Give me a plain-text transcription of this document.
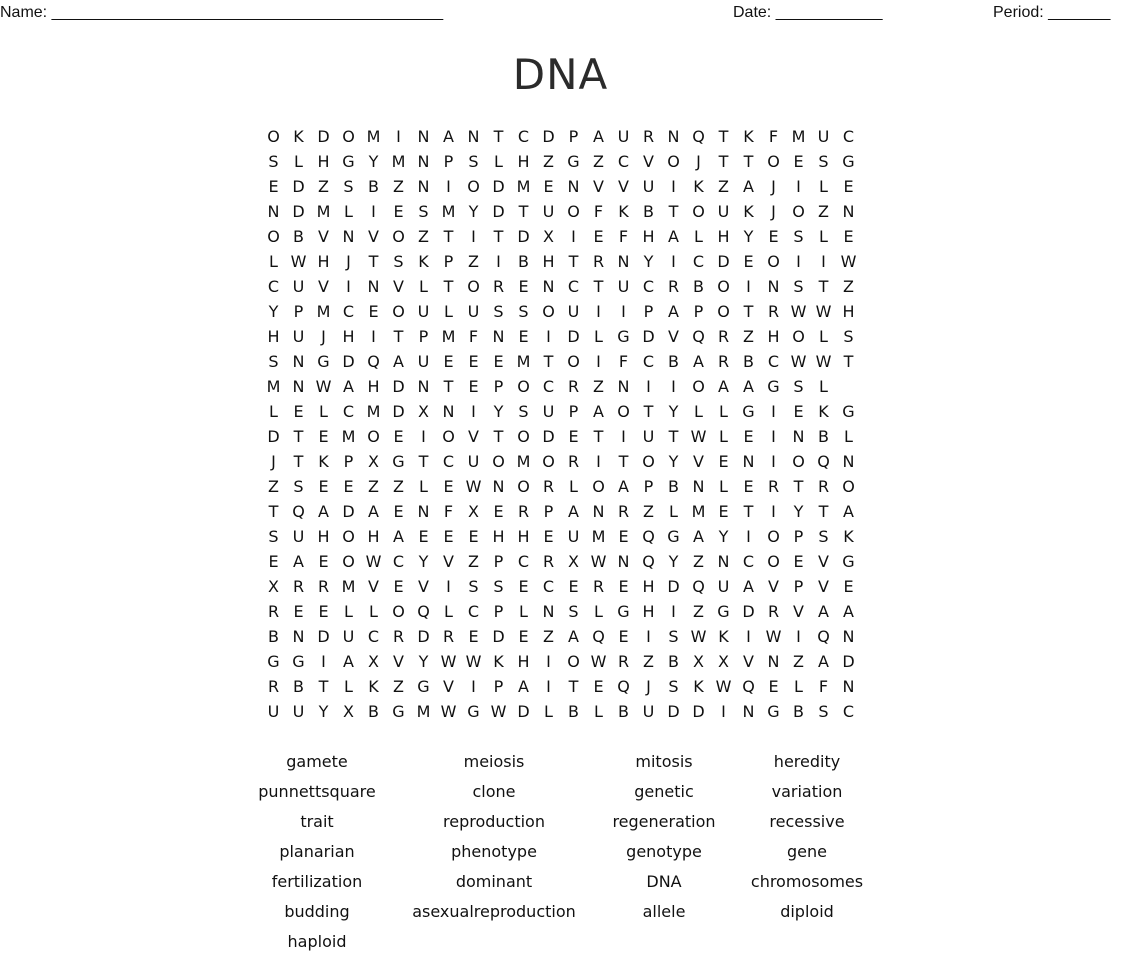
Name: ____________________________________________	Date: ____________	Period: _______
DNA
O K D O M I	N A N T C D P A U R N Q T K F M U C
S L H G Y M N P S L H Z G Z C V O	J	T T O E S G
E D Z S B Z N	I	O D M E N V V U	I	K Z A	J	I	L E
N D M L	I	E S M Y D T U O F K B T O U K	J	O Z N
O B V N V O Z T	I	T D X	I	E F H A L H Y E S L E
L W H	J	T S K P Z	I	B H T R N Y	I	C D E O	I	I W
C U V	I	N V L T O R E N C T U C R B O	I	N S T Z
Y P M C E O U L U S S O U	I	I	P A P O T R W W H
H U	J	H	I	T P M F N E	I	D L G D V Q R Z H O L S
S N G D Q A U E E E M T O	I	F C B A R B C W W T
M N W A H D N T E P O C R Z N	I	I	O A A G S L
L E L C M D X N	I	Y S U P A O T Y L	L G	I	E K G
D T E M O E	I	O V T O D E T	I	U T W L E	I	N B L
J	T K P X G T C U O M O R	I	T O Y V E N	I	O Q N
Z S E E Z Z L E W N O R L O A P B N L E R T R O
T Q A D A E N F X E R P A N R Z L M E T	I	Y T A
S U H O H A E E E H H E U M E Q G A Y	I	O P S K
E A E O W C Y V Z P C R X W N Q Y Z N C O E V G
X R R M V E V	I	S S E C E R E H D Q U A V P V E
R E E L	L O Q L C P L N S L G H	I	Z G D R V A A
B N D U C R D R E D E Z A Q E	I	S W K	I W I	Q N
G G	I	A X V Y W W K H	I	O W R Z B X X V N Z A D
R B T L K Z G V	I	P A	I	T E Q	J	S K W Q E L F N
U U Y X B G M W G W D L B L B U D D	I	N G B S C
gamete	meiosis	mitosis	heredity
punnettsquare	clone	genetic	variation
trait	reproduction	regeneration	recessive
planarian	phenotype	genotype	gene
fertilization	dominant	DNA	chromosomes
budding	asexualreproduction	allele	diploid
haploid
